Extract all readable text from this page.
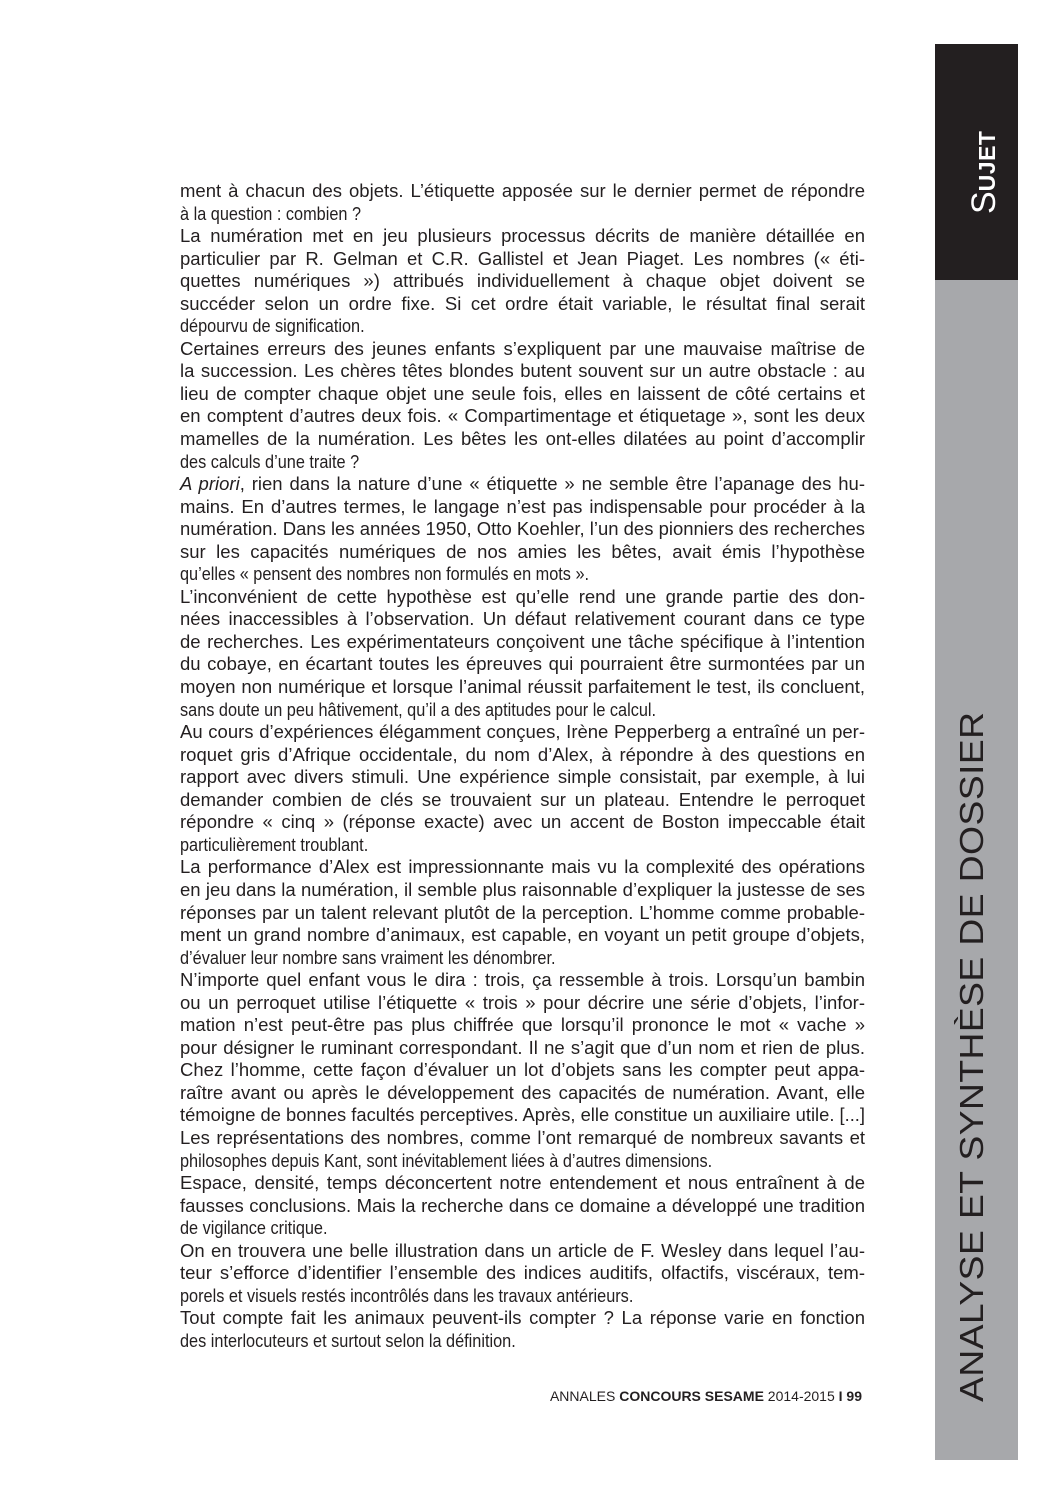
SUJET
ANALYSE ET SYNTHÈSE DE DOSSIER
ment à chacun des objets. L’étiquette apposée sur le dernier permet de répondre
à la question : combien ?
La numération met en jeu plusieurs processus décrits de manière détaillée en
particulier par R. Gelman et C.R. Gallistel et Jean Piaget. Les nombres (« éti-
quettes numériques ») attribués individuellement à chaque objet doivent se
succéder selon un ordre fixe. Si cet ordre était variable, le résultat final serait
dépourvu de signification.
Certaines erreurs des jeunes enfants s’expliquent par une mauvaise maîtrise de
la succession. Les chères têtes blondes butent souvent sur un autre obstacle : au
lieu de compter chaque objet une seule fois, elles en laissent de côté certains et
en comptent d’autres deux fois. « Compartimentage et étiquetage », sont les deux
mamelles de la numération. Les bêtes les ont-elles dilatées au point d’accomplir
des calculs d’une traite ?
A priori, rien dans la nature d’une « étiquette » ne semble être l’apanage des hu-
mains. En d’autres termes, le langage n’est pas indispensable pour procéder à la
numération. Dans les années 1950, Otto Koehler, l’un des pionniers des recherches
sur les capacités numériques de nos amies les bêtes, avait émis l’hypothèse
qu’elles « pensent des nombres non formulés en mots ».
L’inconvénient de cette hypothèse est qu’elle rend une grande partie des don-
nées inaccessibles à l’observation. Un défaut relativement courant dans ce type
de recherches. Les expérimentateurs conçoivent une tâche spécifique à l’intention
du cobaye, en écartant toutes les épreuves qui pourraient être surmontées par un
moyen non numérique et lorsque l’animal réussit parfaitement le test, ils concluent,
sans doute un peu hâtivement, qu’il a des aptitudes pour le calcul.
Au cours d’expériences élégamment conçues, Irène Pepperberg a entraîné un per-
roquet gris d’Afrique occidentale, du nom d’Alex, à répondre à des questions en
rapport avec divers stimuli. Une expérience simple consistait, par exemple, à lui
demander combien de clés se trouvaient sur un plateau. Entendre le perroquet
répondre « cinq » (réponse exacte) avec un accent de Boston impeccable était
particulièrement troublant.
La performance d’Alex est impressionnante mais vu la complexité des opérations
en jeu dans la numération, il semble plus raisonnable d’expliquer la justesse de ses
réponses par un talent relevant plutôt de la perception. L’homme comme probable-
ment un grand nombre d’animaux, est capable, en voyant un petit groupe d’objets,
d’évaluer leur nombre sans vraiment les dénombrer.
N’importe quel enfant vous le dira : trois, ça ressemble à trois. Lorsqu’un bambin
ou un perroquet utilise l’étiquette « trois » pour décrire une série d’objets, l’infor-
mation n’est peut-être pas plus chiffrée que lorsqu’il prononce le mot « vache »
pour désigner le ruminant correspondant. Il ne s’agit que d’un nom et rien de plus.
Chez l’homme, cette façon d’évaluer un lot d’objets sans les compter peut appa-
raître avant ou après le développement des capacités de numération. Avant, elle
témoigne de bonnes facultés perceptives. Après, elle constitue un auxiliaire utile. [...]
Les représentations des nombres, comme l’ont remarqué de nombreux savants et
philosophes depuis Kant, sont inévitablement liées à d’autres dimensions.
Espace, densité, temps déconcertent notre entendement et nous entraînent à de
fausses conclusions. Mais la recherche dans ce domaine a développé une tradition
de vigilance critique.
On en trouvera une belle illustration dans un article de F. Wesley dans lequel l’au-
teur s’efforce d’identifier l’ensemble des indices auditifs, olfactifs, viscéraux, tem-
porels et visuels restés incontrôlés dans les travaux antérieurs.
Tout compte fait les animaux peuvent-ils compter ? La réponse varie en fonction
des interlocuteurs et surtout selon la définition.
ANNALES CONCOURS SESAME 2014-2015 I 99
